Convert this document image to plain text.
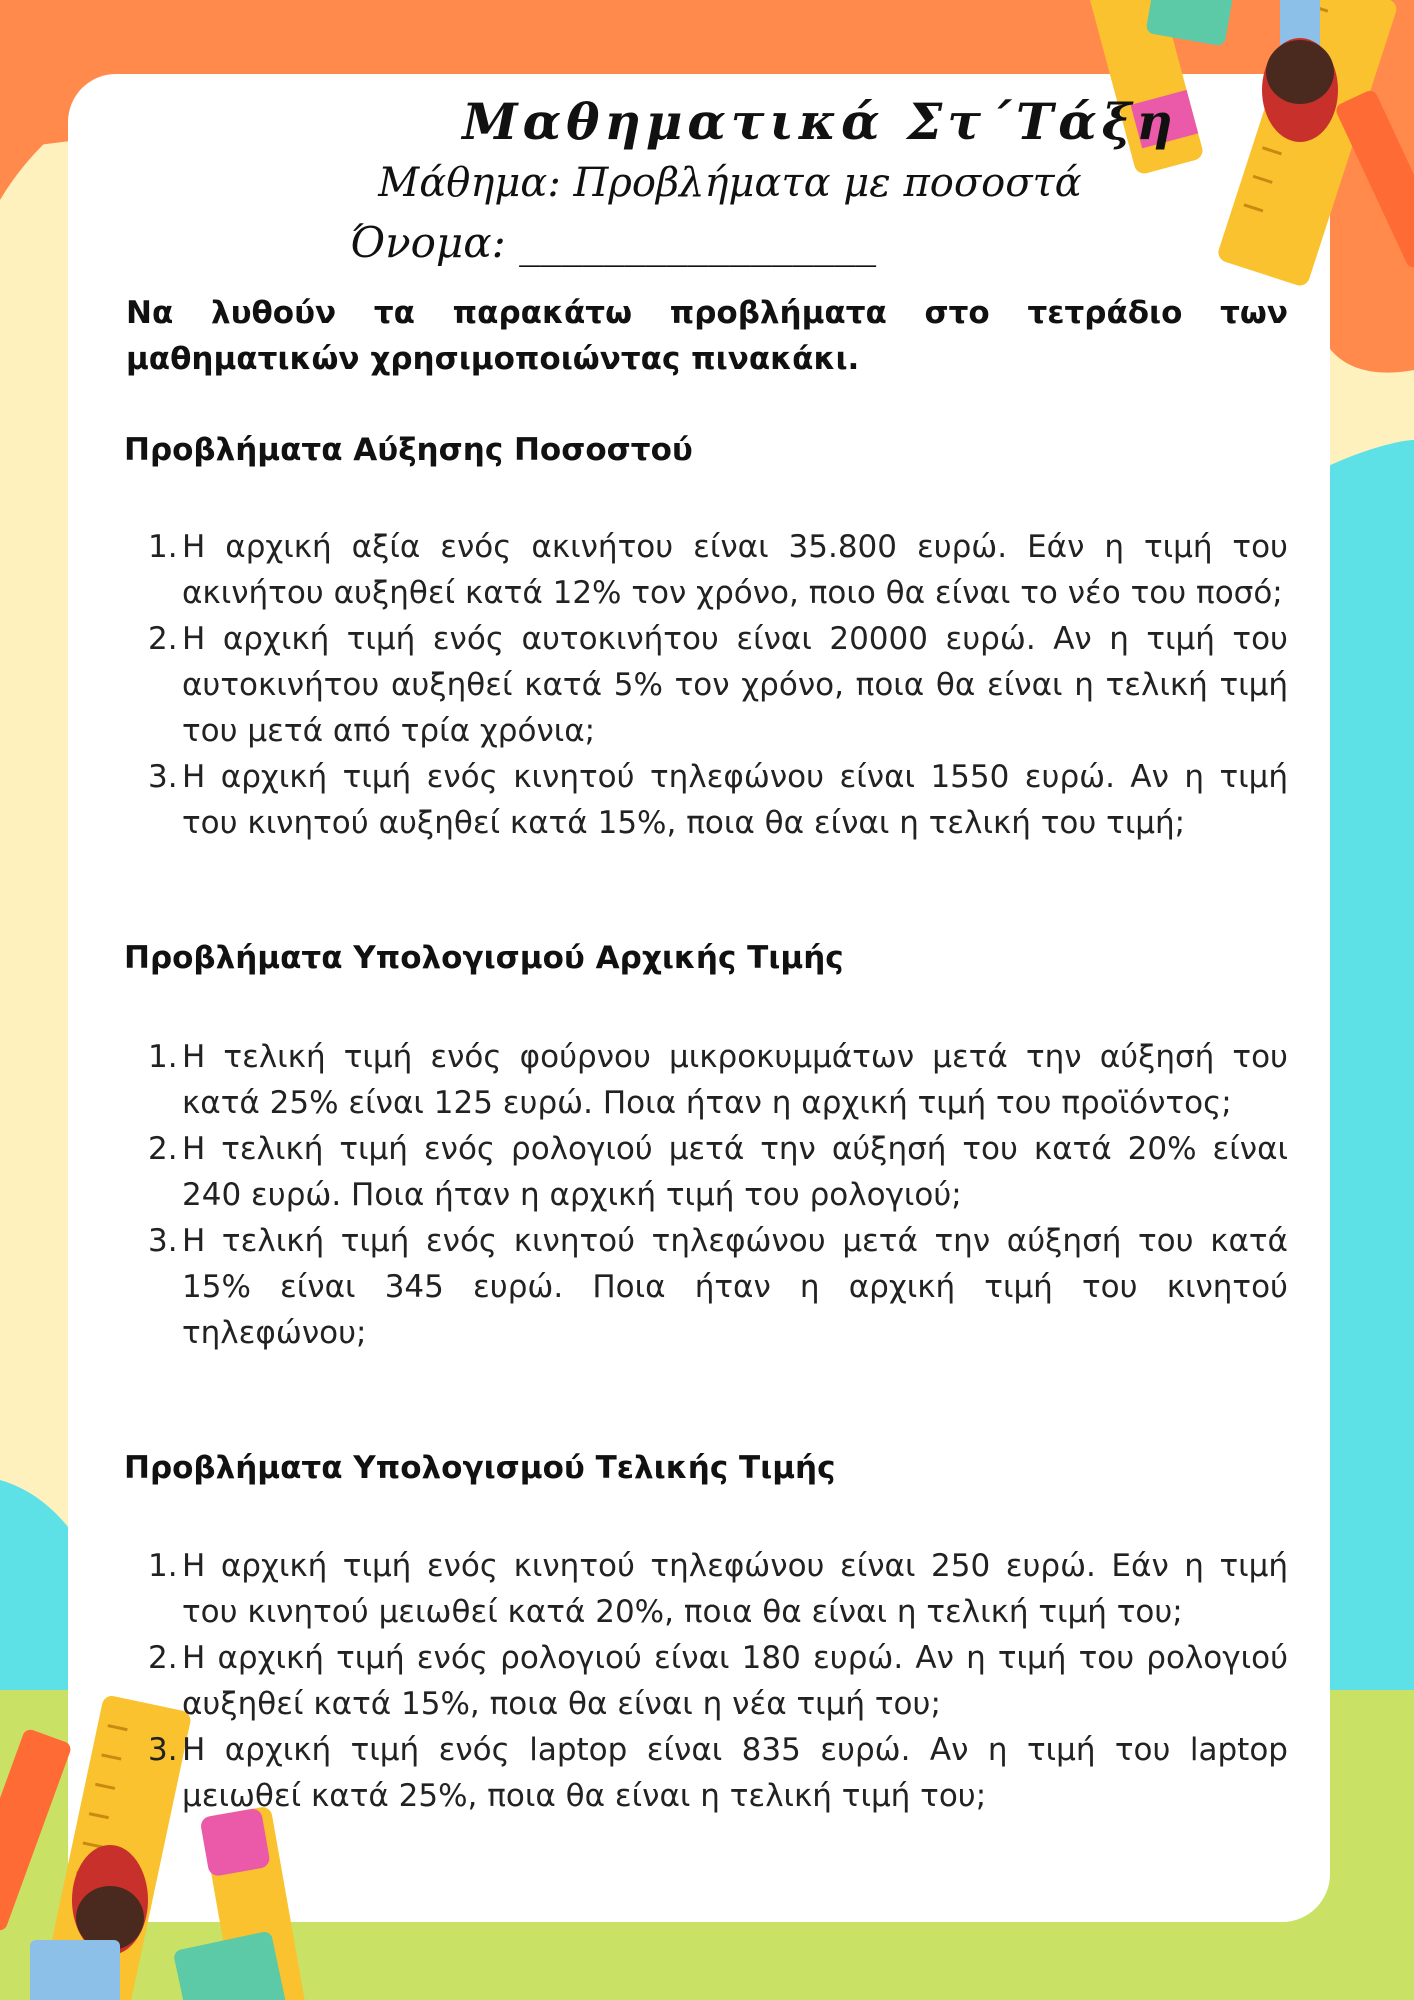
Μαθηματικά Στ΄Τάξη
Μάθημα: Προβλήματα με ποσοστά
Όνομα: _________________
Να λυθούν τα παρακάτω προβλήματα στο τετράδιο των μαθηματικών χρησιμοποιώντας πινακάκι.
Προβλήματα Αύξησης Ποσοστού
1. Η αρχική αξία ενός ακινήτου είναι 35.800 ευρώ. Εάν η τιμή του ακινήτου αυξηθεί κατά 12% τον χρόνο, ποιο θα είναι το νέο του ποσό;
2. Η αρχική τιμή ενός αυτοκινήτου είναι 20000 ευρώ. Αν η τιμή του αυτοκινήτου αυξηθεί κατά 5% τον χρόνο, ποια θα είναι η τελική τιμή του μετά από τρία χρόνια;
3. Η αρχική τιμή ενός κινητού τηλεφώνου είναι 1550 ευρώ. Αν η τιμή του κινητού αυξηθεί κατά 15%, ποια θα είναι η τελική του τιμή;
Προβλήματα Υπολογισμού Αρχικής Τιμής
1. Η τελική τιμή ενός φούρνου μικροκυμμάτων μετά την αύξησή του κατά 25% είναι 125 ευρώ. Ποια ήταν η αρχική τιμή του προϊόντος;
2. Η τελική τιμή ενός ρολογιού μετά την αύξησή του κατά 20% είναι 240 ευρώ. Ποια ήταν η αρχική τιμή του ρολογιού;
3. Η τελική τιμή ενός κινητού τηλεφώνου μετά την αύξησή του κατά 15% είναι 345 ευρώ. Ποια ήταν η αρχική τιμή του κινητού τηλεφώνου;
Προβλήματα Υπολογισμού Τελικής Τιμής
1. Η αρχική τιμή ενός κινητού τηλεφώνου είναι 250 ευρώ. Εάν η τιμή του κινητού μειωθεί κατά 20%, ποια θα είναι η τελική τιμή του;
2. Η αρχική τιμή ενός ρολογιού είναι 180 ευρώ. Αν η τιμή του ρολογιού αυξηθεί κατά 15%, ποια θα είναι η νέα τιμή του;
3. Η αρχική τιμή ενός laptop είναι 835 ευρώ. Αν η τιμή του laptop μειωθεί κατά 25%, ποια θα είναι η τελική τιμή του;
